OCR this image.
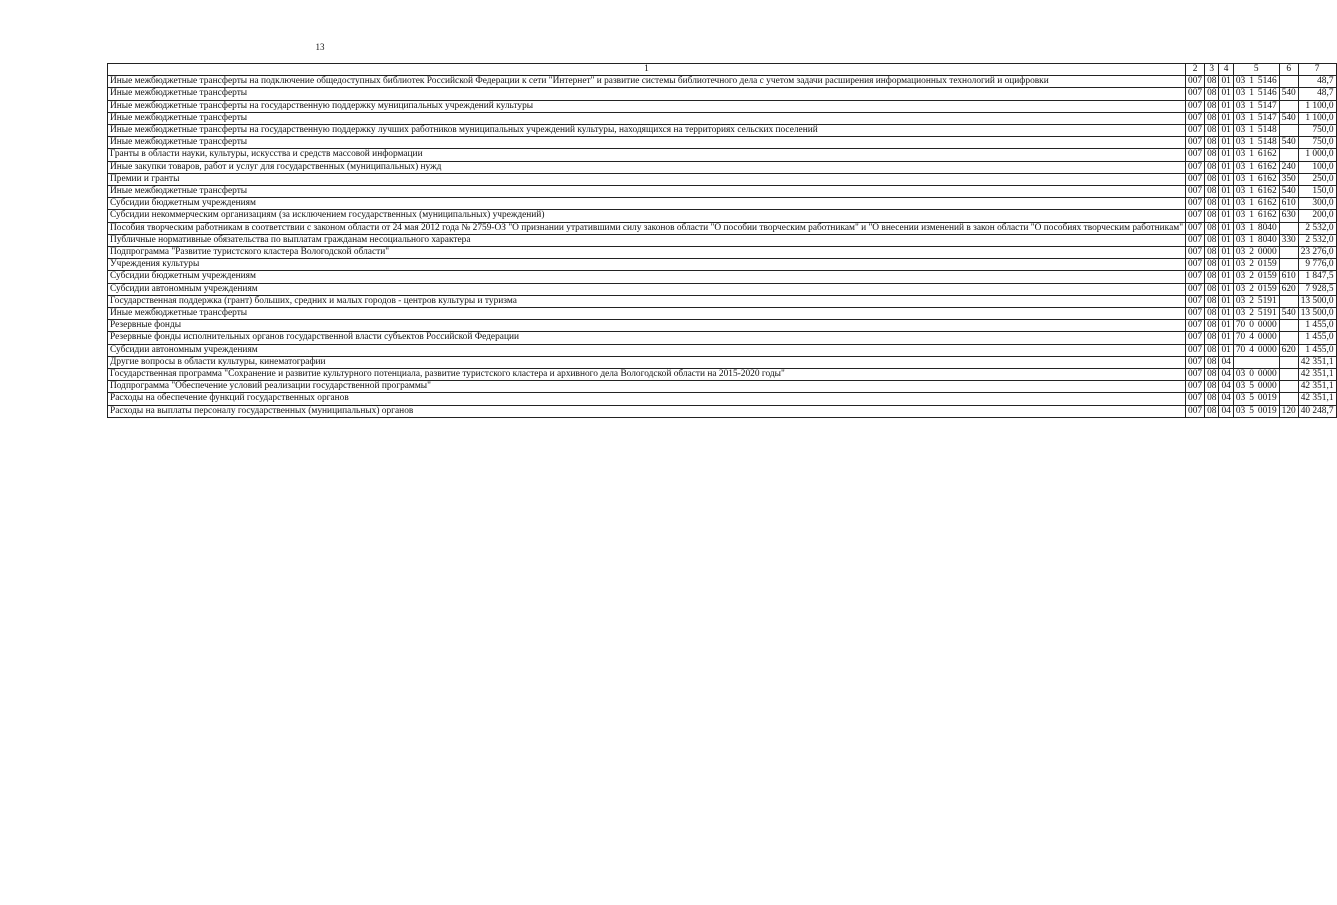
13
1	2	3	4	5			6	7
Иные межбюджетные трансферты на подключение общедоступных библиотек Российской Федерации к сети "Интернет" и развитие системы библиотечного дела с учетом задачи расширения информационных технологий и оцифровки	007	08	01	03	1	5146		48,7
Иные межбюджетные трансферты	007	08	01	03	1	5146	540	48,7
Иные межбюджетные трансферты на государственную поддержку муниципальных учреждений культуры	007	08	01	03	1	5147		1 100,0
Иные межбюджетные трансферты	007	08	01	03	1	5147	540	1 100,0
Иные межбюджетные трансферты на государственную поддержку лучших работников муниципальных учреждений культуры, находящихся на территориях сельских поселений	007	08	01	03	1	5148		750,0
Иные межбюджетные трансферты	007	08	01	03	1	5148	540	750,0
Гранты в области науки, культуры, искусства и средств массовой информации	007	08	01	03	1	6162		1 000,0
Иные закупки товаров, работ и услуг для государственных (муниципальных) нужд	007	08	01	03	1	6162	240	100,0
Премии и гранты	007	08	01	03	1	6162	350	250,0
Иные межбюджетные трансферты	007	08	01	03	1	6162	540	150,0
Субсидии бюджетным учреждениям	007	08	01	03	1	6162	610	300,0
Субсидии некоммерческим организациям (за исключением государственных (муниципальных) учреждений)	007	08	01	03	1	6162	630	200,0
Пособия творческим работникам в соответствии с законом области от 24 мая 2012 года № 2759-ОЗ "О признании утратившими силу законов области "О пособии творческим работникам" и "О внесении изменений в закон области "О пособиях творческим работникам"	007	08	01	03	1	8040		2 532,0
Публичные нормативные обязательства по выплатам гражданам несоциального характера	007	08	01	03	1	8040	330	2 532,0
Подпрограмма "Развитие туристского кластера Вологодской области"	007	08	01	03	2	0000		23 276,0
Учреждения культуры	007	08	01	03	2	0159		9 776,0
Субсидии бюджетным учреждениям	007	08	01	03	2	0159	610	1 847,5
Субсидии автономным учреждениям	007	08	01	03	2	0159	620	7 928,5
Государственная поддержка (грант) больших, средних и малых городов - центров культуры и туризма	007	08	01	03	2	5191		13 500,0
Иные межбюджетные трансферты	007	08	01	03	2	5191	540	13 500,0
Резервные фонды	007	08	01	70	0	0000		1 455,0
Резервные фонды исполнительных органов государственной власти субъектов Российской Федерации	007	08	01	70	4	0000		1 455,0
Субсидии автономным учреждениям	007	08	01	70	4	0000	620	1 455,0
Другие вопросы в области культуры, кинематографии	007	08	04					42 351,1
Государственная программа "Сохранение и развитие культурного потенциала, развитие туристского кластера и архивного дела Вологодской области на 2015-2020 годы"	007	08	04	03	0	0000		42 351,1
Подпрограмма "Обеспечение условий реализации государственной программы"	007	08	04	03	5	0000		42 351,1
Расходы на обеспечение функций государственных органов	007	08	04	03	5	0019		42 351,1
Расходы на выплаты персоналу государственных (муниципальных) органов	007	08	04	03	5	0019	120	40 248,7
